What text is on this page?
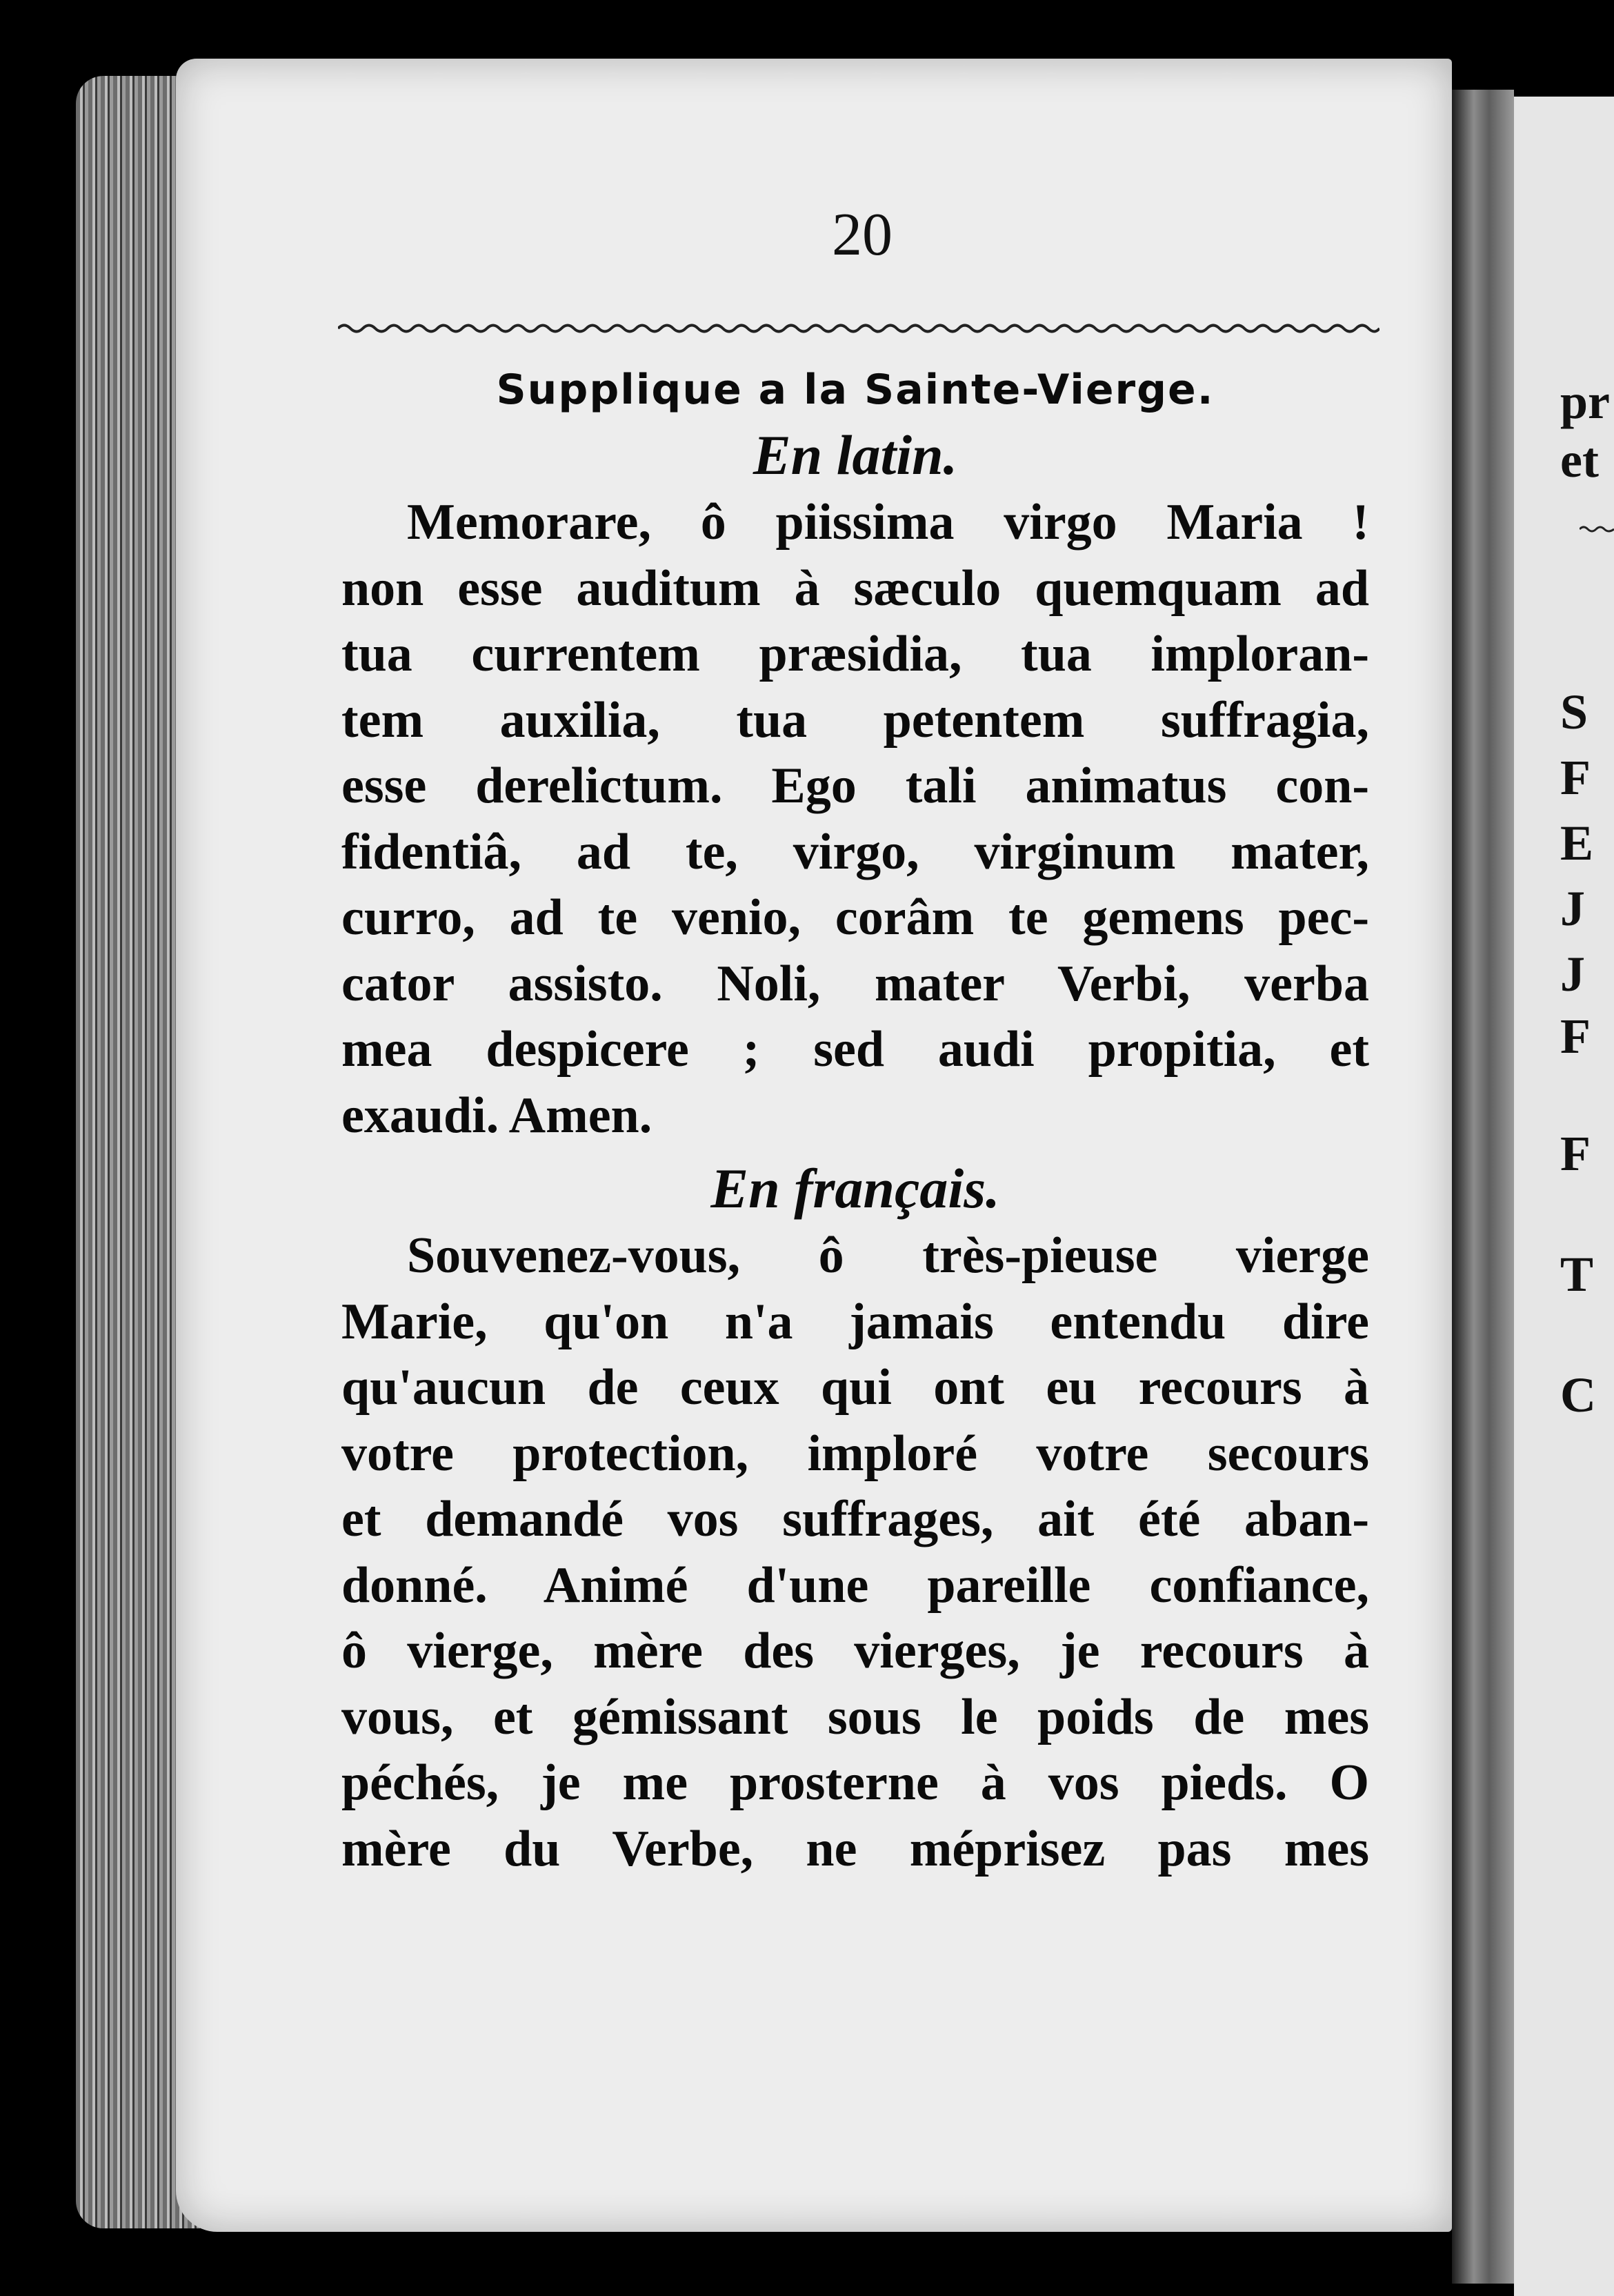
20
Supplique a la Sainte-Vierge.
En latin.
Memorare, ô piissima virgo Maria !
non esse auditum à sæculo quemquam ad
tua currentem præsidia, tua imploran-
tem auxilia, tua petentem suffragia,
esse derelictum. Ego tali animatus con-
fidentiâ, ad te, virgo, virginum mater,
curro, ad te venio, corâm te gemens pec-
cator assisto. Noli, mater Verbi, verba
mea despicere ; sed audi propitia, et
exaudi. Amen.
En français.
Souvenez-vous, ô très-pieuse vierge
Marie, qu'on n'a jamais entendu dire
qu'aucun de ceux qui ont eu recours à
votre protection, imploré votre secours
et demandé vos suffrages, ait été aban-
donné. Animé d'une pareille confiance,
ô vierge, mère des vierges, je recours à
vous, et gémissant sous le poids de mes
péchés, je me prosterne à vos pieds. O
mère du Verbe, ne méprisez pas mes
pr
et
S
F
E
J
J
F
F
T
C
